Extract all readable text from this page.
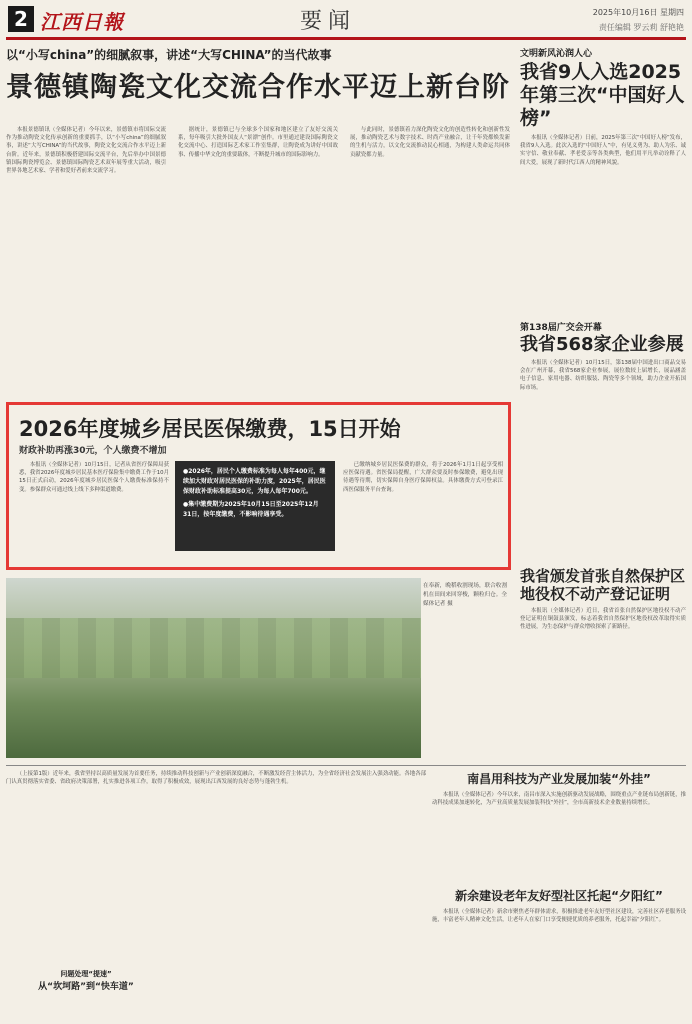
2 江西日報	要闻	2025年10月16日 星期四
责任编辑 罗云莉 舒艳艳
以“小写china”的细腻叙事，讲述“大写CHINA”的当代故事
景德镇陶瓷文化交流合作水平迈上新台阶

本报景德镇讯（全媒体记者）今年以来，景德镇市将国际交流作为推动陶瓷文化传承创新的重要抓手，以“小写china”的细腻叙事，讲述“大写CHINA”的当代故事，陶瓷文化交流合作水平迈上新台阶。近年来，景德镇积极搭建国际交流平台，先后举办中国景德镇国际陶瓷博览会、景德镇国际陶瓷艺术双年展等重大活动，吸引世界各地艺术家、学者和爱好者前来交流学习。

据统计，景德镇已与全球多个国家和地区建立了友好交流关系，每年吸引大批外国友人“景漂”创作。市里通过建设国际陶瓷文化交流中心、打造国际艺术家工作室集群，让陶瓷成为讲好中国故事、传播中华文化的重要载体，不断提升城市的国际影响力。

与此同时，景德镇着力深化陶瓷文化的创造性转化和创新性发展，推动陶瓷艺术与数字技术、时尚产业融合，让千年瓷都焕发新的生机与活力，以文化交流推动民心相通，为构建人类命运共同体贡献瓷都力量。

2026年度城乡居民医保缴费，15日开始
财政补助再涨30元，个人缴费不增加

本报讯（全媒体记者）10月15日，记者从省医疗保障局获悉，我省2026年度城乡居民基本医疗保险集中缴费工作于10月15日正式启动，2026年度城乡居民医保个人缴费标准保持不变。参保群众可通过线上线下多种渠道缴费。

●2026年，居民个人缴费标准为每人每年400元，继续加大财政对居民医保的补助力度，2025年，居民医保财政补助标准提高30元，为每人每年700元。

●集中缴费期为2025年10月15日至2025年12月31日，按年度缴费，不影响待遇享受。

已缴纳城乡居民医保费的群众，将于2026年1月1日起享受相应医保待遇。省医保局提醒，广大群众要及时参保缴费，避免出现待遇等待期，切实保障自身医疗保障权益。具体缴费方式可登录江西医保服务平台查询。

在奉新，晚稻收割现场，联合收割机在田间来回穿梭，颗粒归仓。全媒体记者 摄
文明新风沁润人心
我省9人入选2025年第三次“中国好人榜”

本报讯（全媒体记者）日前，2025年第三次“中国好人榜”发布，我省9人入选。此次入选的“中国好人”中，有见义勇为、助人为乐、诚实守信、敬业奉献、孝老爱亲等各类典型，他们用平凡举动诠释了人间大爱，展现了新时代江西人的精神风貌。

第138届广交会开幕
我省568家企业参展

本报讯（全媒体记者）10月15日，第138届中国进出口商品交易会在广州开幕，我省568家企业参展，展位数较上届增长，展品涵盖电子信息、家用电器、纺织服装、陶瓷等多个领域，助力企业开拓国际市场。

我省颁发首张自然保护区地役权不动产登记证明

本报讯（全媒体记者）近日，我省首张自然保护区地役权不动产登记证明在铜鼓县颁发，标志着我省自然保护区地役权改革取得实质性进展，为生态保护与群众增收探索了新路径。

（上接第1版）近年来，我省坚持以高质量发展为首要任务，持续推动科技创新与产业创新深度融合，不断激发经营主体活力，为全省经济社会发展注入强劲动能。各地各部门认真贯彻落实省委、省政府决策部署，扎实推进各项工作，取得了积极成效，展现出江西发展的良好态势与蓬勃生机。

问题处理“提速”
从“坎坷路”到“快车道”
南昌用科技为产业发展加装“外挂”

本报讯（全媒体记者）今年以来，南昌市深入实施创新驱动发展战略，围绕重点产业链布局创新链，推动科技成果加速转化，为产业高质量发展加装科技“外挂”，全市高新技术企业数量持续增长。

新余建设老年友好型社区托起“夕阳红”

本报讯（全媒体记者）新余市聚焦老年群体需求，积极推进老年友好型社区建设，完善社区养老服务设施，丰富老年人精神文化生活，让老年人在家门口享受便捷优质的养老服务，托起幸福“夕阳红”。
